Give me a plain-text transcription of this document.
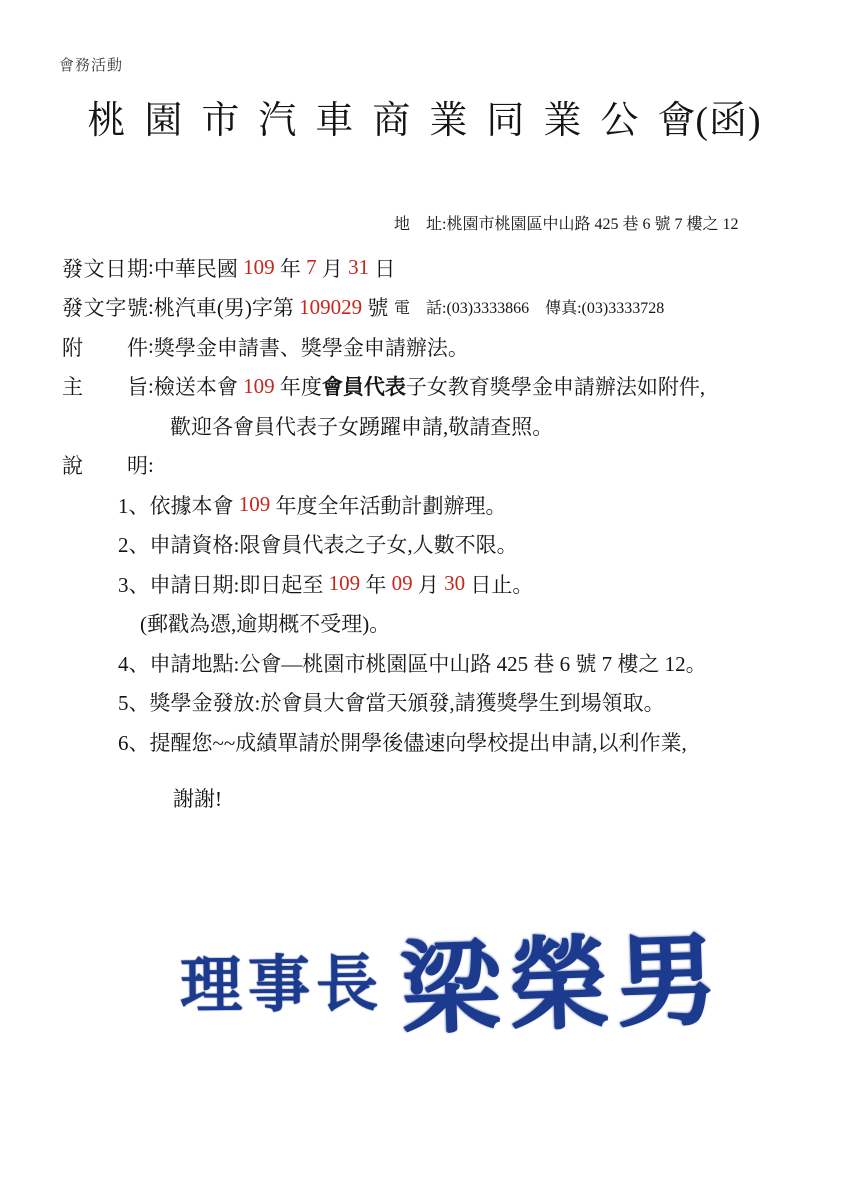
會務活動
桃園市汽車商業同業公會(函)

地　址:桃園市桃園區中山路 425 巷 6 號 7 樓之 12

電　話:(03)3333866　傳真:(03)3333728

發 文 日 期 : 中華民國 109 年 7 月 31 日
發 文 字 號 : 桃汽車(男)字第 109029 號
附 件 : 獎學金申請書、獎學金申請辦法。
主 旨 : 檢送本會 109 年度 會員代表 子女教育獎學金申請辦法如附件,
歡迎各會員代表子女踴躍申請,敬請查照。
說 明 :
1、依據本會 109 年度全年活動計劃辦理。
2、申請資格:限會員代表之子女,人數不限。
3、申請日期:即日起至 109 年 09 月 30 日止。
(郵戳為憑,逾期概不受理)。
4、申請地點:公會—桃園市桃園區中山路 425 巷 6 號 7 樓之 12。
5、獎學金發放:於會員大會當天頒發,請獲獎學生到場領取。
6、提醒您~~成績單請於開學後儘速向學校提出申請,以利作業,
謝謝!
理事長 梁榮男
